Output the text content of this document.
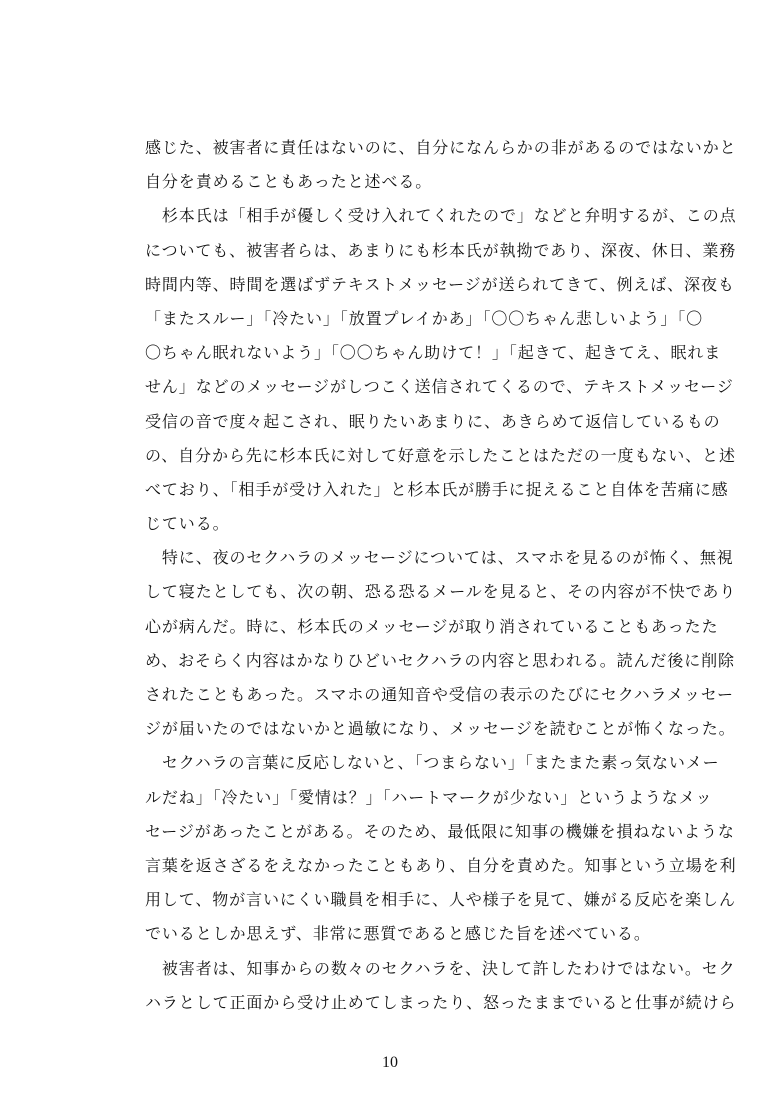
感じた、被害者に責任はないのに、自分になんらかの非があるのではないかと
自分を責めることもあったと述べる。
　杉本氏は「相手が優しく受け入れてくれたので」などと弁明するが、この点
についても、被害者らは、あまりにも杉本氏が執拗であり、深夜、休日、業務
時間内等、時間を選ばずテキストメッセージが送られてきて、例えば、深夜も
「またスルー」「冷たい」「放置プレイかあ」「〇〇ちゃん悲しいよう」「〇
〇ちゃん眠れないよう」「〇〇ちゃん助けて！」「起きて、起きてえ、眠れま
せん」などのメッセージがしつこく送信されてくるので、テキストメッセージ
受信の音で度々起こされ、眠りたいあまりに、あきらめて返信しているもの
の、自分から先に杉本氏に対して好意を示したことはただの一度もない、と述
べており、「相手が受け入れた」と杉本氏が勝手に捉えること自体を苦痛に感
じている。
　特に、夜のセクハラのメッセージについては、スマホを見るのが怖く、無視
して寝たとしても、次の朝、恐る恐るメールを見ると、その内容が不快であり
心が病んだ。時に、杉本氏のメッセージが取り消されていることもあったた
め、おそらく内容はかなりひどいセクハラの内容と思われる。読んだ後に削除
されたこともあった。スマホの通知音や受信の表示のたびにセクハラメッセー
ジが届いたのではないかと過敏になり、メッセージを読むことが怖くなった。
　セクハラの言葉に反応しないと、「つまらない」「またまた素っ気ないメー
ルだね」「冷たい」「愛情は？」「ハートマークが少ない」というようなメッ
セージがあったことがある。そのため、最低限に知事の機嫌を損ねないような
言葉を返さざるをえなかったこともあり、自分を責めた。知事という立場を利
用して、物が言いにくい職員を相手に、人や様子を見て、嫌がる反応を楽しん
でいるとしか思えず、非常に悪質であると感じた旨を述べている。
　被害者は、知事からの数々のセクハラを、決して許したわけではない。セク
ハラとして正面から受け止めてしまったり、怒ったままでいると仕事が続けら
10
